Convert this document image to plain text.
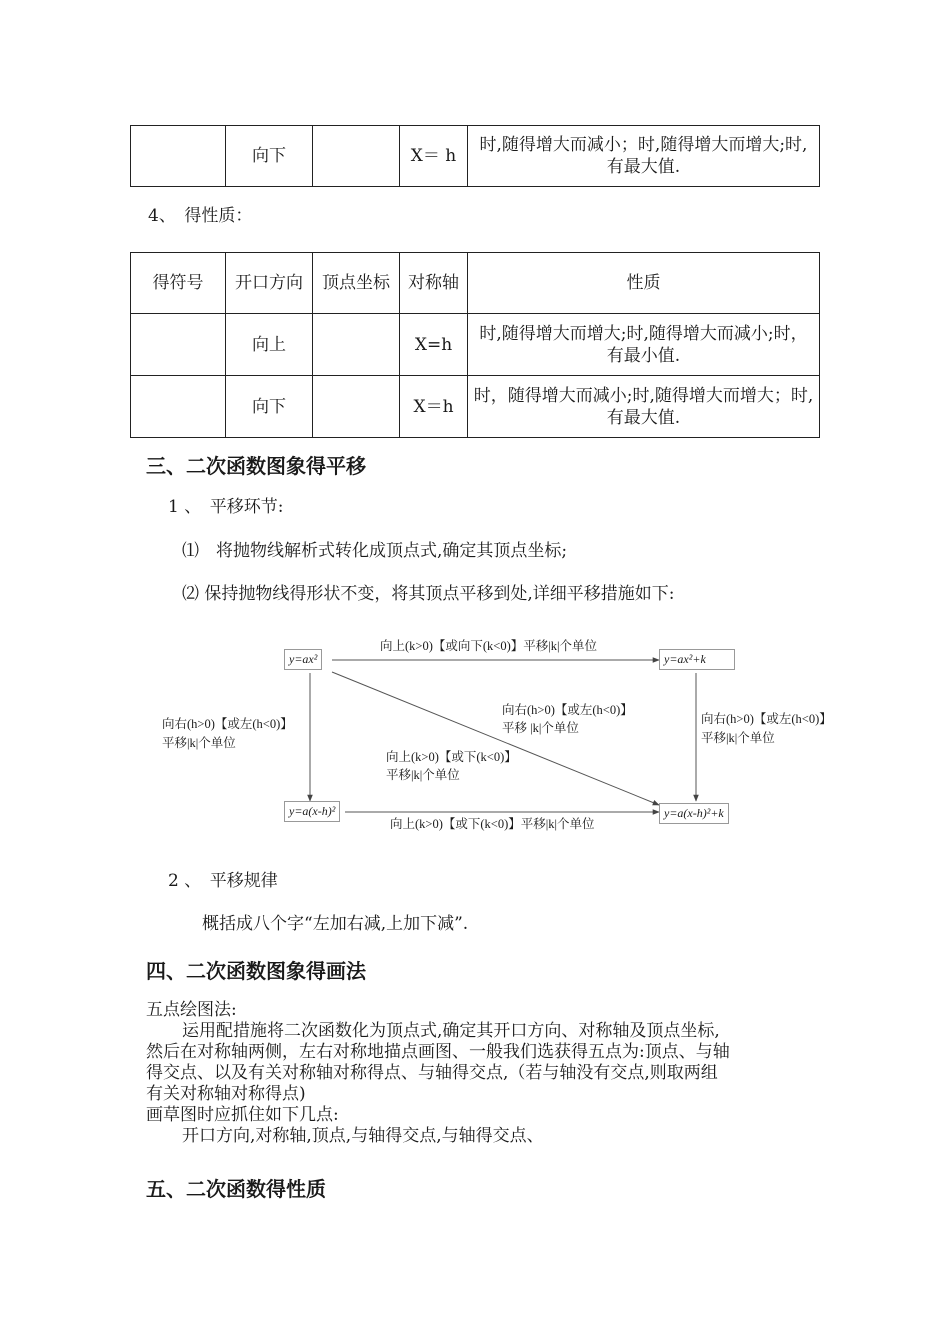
	向下		X＝ h	时,随得增大而减小；时,随得增大而增大;时,有最大值.
4、　得性质：
得符号	开口方向	顶点坐标	对称轴	性质
	向上		X=h	时,随得增大而增大;时,随得增大而减小;时，有最小值.
	向下		X＝h	时，随得增大而减小;时,随得增大而增大；时,有最大值.
三、二次函数图象得平移
1 、　平移环节:
⑴　将抛物线解析式转化成顶点式,确定其顶点坐标;
⑵ 保持抛物线得形状不变，将其顶点平移到处,详细平移措施如下:
y=ax²	y=ax²+k
y=a(x-h)²	y=a(x-h)²+k
向上(k>0)【或向下(k<0)】平移|k|个单位
向上(k>0)【或下(k<0)】平移|k|个单位
向右(h>0)【或左(h<0)】
平移|k|个单位
向右(h>0)【或左(h<0)】
平移|k|个单位
向右(h>0)【或左(h<0)】
平移 |k|个单位
向上(k>0)【或下(k<0)】
平移|k|个单位
2 、　平移规律
概括成八个字“左加右减,上加下减”.
四、二次函数图象得画法
五点绘图法:
运用配措施将二次函数化为顶点式,确定其开口方向、对称轴及顶点坐标,
然后在对称轴两侧，左右对称地描点画图、一般我们选获得五点为:顶点、与轴
得交点、以及有关对称轴对称得点、与轴得交点,（若与轴没有交点,则取两组
有关对称轴对称得点)
画草图时应抓住如下几点:
开口方向,对称轴,顶点,与轴得交点,与轴得交点、
五、二次函数得性质
